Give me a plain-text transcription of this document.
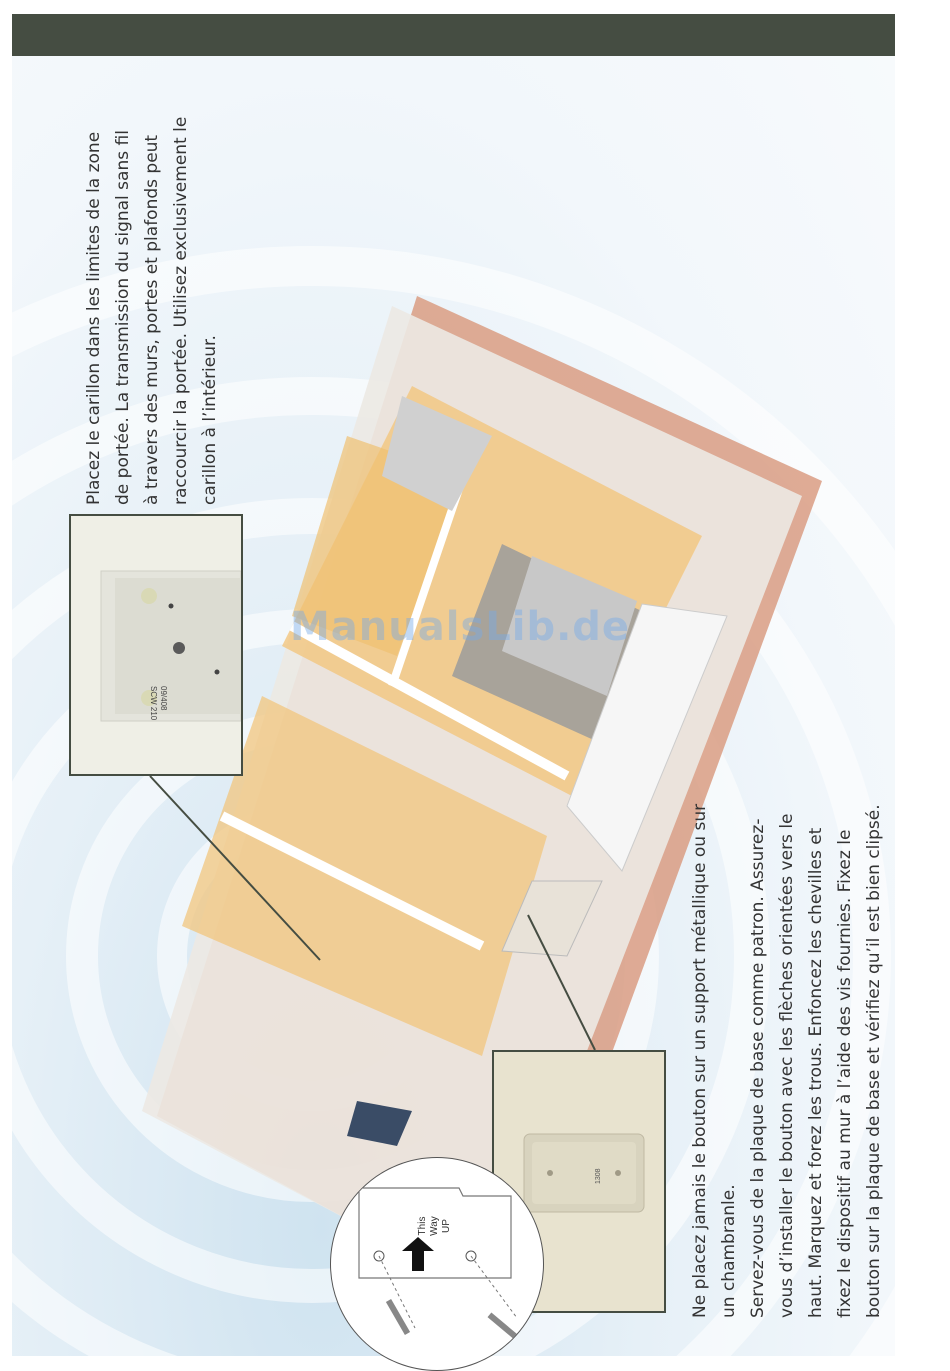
ManualsLib.de
Placez le carillon dans les limites de la zone
de portée. La transmission du signal sans fil
à travers des murs, portes et plafonds peut
raccourcir la portée. Utilisez exclusivement le
carillon à l’intérieur.
SCW 210 09/408
1308
This
Way
UP
Ne placez jamais le bouton sur un support métallique ou sur
un chambranle.
Servez-vous de la plaque de base comme patron. Assurez-
vous d’installer le bouton avec les flèches orientées vers le
haut. Marquez et forez les trous. Enfoncez les chevilles et
fixez le dispositif au mur à l’aide des vis fournies. Fixez le
bouton sur la plaque de base et vérifiez qu’il est bien clipsé.
